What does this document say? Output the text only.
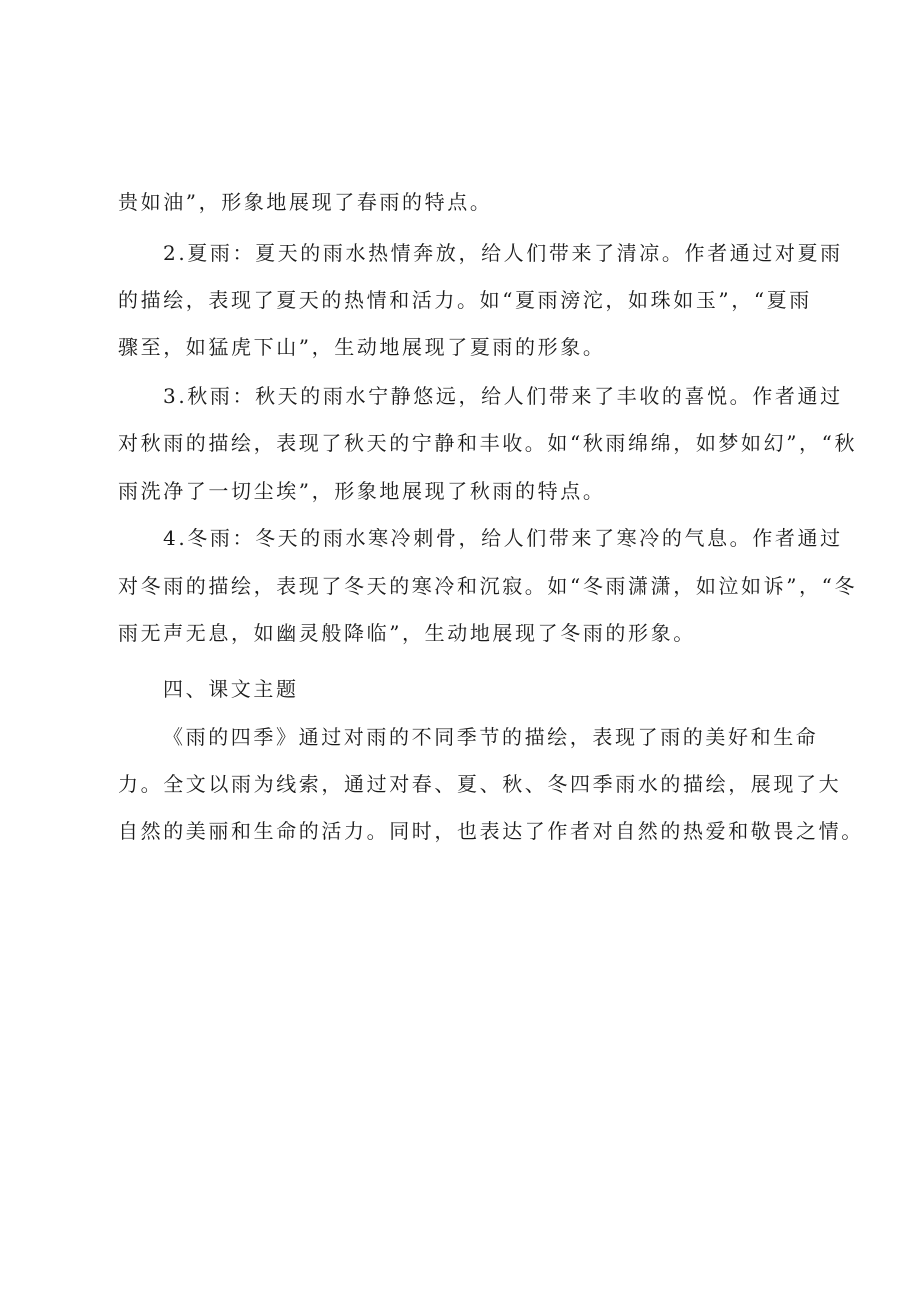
贵如油”，形象地展现了春雨的特点。

2.夏雨：夏天的雨水热情奔放，给人们带来了清凉。作者通过对夏雨

的描绘，表现了夏天的热情和活力。如“夏雨滂沱，如珠如玉”，“夏雨

骤至，如猛虎下山”，生动地展现了夏雨的形象。

3.秋雨：秋天的雨水宁静悠远，给人们带来了丰收的喜悦。作者通过

对秋雨的描绘，表现了秋天的宁静和丰收。如“秋雨绵绵，如梦如幻”，“秋

雨洗净了一切尘埃”，形象地展现了秋雨的特点。

4.冬雨：冬天的雨水寒冷刺骨，给人们带来了寒冷的气息。作者通过

对冬雨的描绘，表现了冬天的寒冷和沉寂。如“冬雨潇潇，如泣如诉”，“冬

雨无声无息，如幽灵般降临”，生动地展现了冬雨的形象。

四、课文主题

《雨的四季》通过对雨的不同季节的描绘，表现了雨的美好和生命

力。全文以雨为线索，通过对春、夏、秋、冬四季雨水的描绘，展现了大

自然的美丽和生命的活力。同时，也表达了作者对自然的热爱和敬畏之情。
